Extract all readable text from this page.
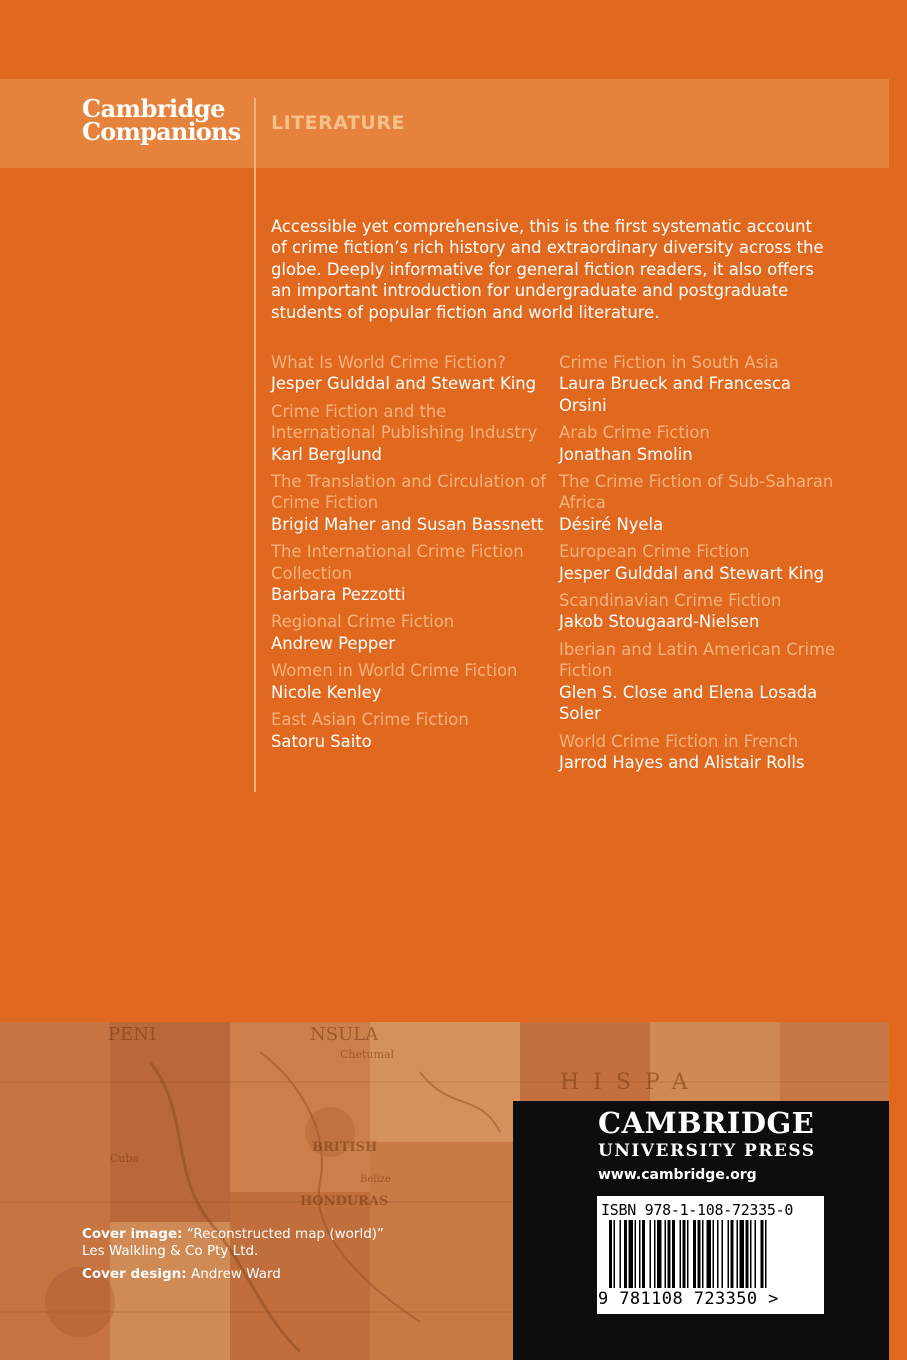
Cambridge
Companions	LITERATURE
Accessible yet comprehensive, this is the first systematic account of crime fiction’s rich history and extraordinary diversity across the globe. Deeply informative for general fiction readers, it also offers an important introduction for undergraduate and postgraduate students of popular fiction and world literature.
What Is World Crime Fiction?
Jesper Gulddal and Stewart King
Crime Fiction and the International Publishing Industry
Karl Berglund
The Translation and Circulation of Crime Fiction
Brigid Maher and Susan Bassnett
The International Crime Fiction Collection
Barbara Pezzotti
Regional Crime Fiction
Andrew Pepper
Women in World Crime Fiction
Nicole Kenley
East Asian Crime Fiction
Satoru Saito
Crime Fiction in South Asia
Laura Brueck and Francesca Orsini
Arab Crime Fiction
Jonathan Smolin
The Crime Fiction of Sub-Saharan Africa
Désiré Nyela
European Crime Fiction
Jesper Gulddal and Stewart King
Scandinavian Crime Fiction
Jakob Stougaard-Nielsen
Iberian and Latin American Crime Fiction
Glen S. Close and Elena Losada Soler
World Crime Fiction in French
Jarrod Hayes and Alistair Rolls
PENI	NSULA
HISPA
BRITISH
HONDURAS
Cuba
Chetumal
Belize
Cover image: “Reconstructed map (world)”
Les Walkling & Co Pty Ltd.
Cover design: Andrew Ward
CAMBRIDGE
UNIVERSITY PRESS
www.cambridge.org
ISBN 978-1-108-72335-0
9 781108 723350 >
